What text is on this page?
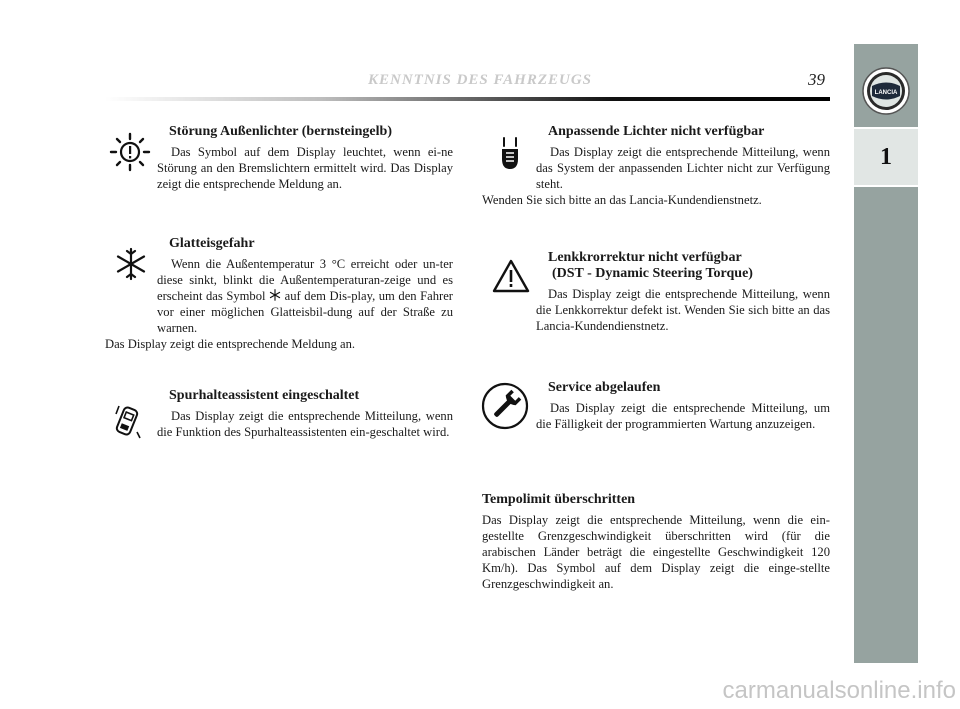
KENNTNIS DES FAHRZEUGS	39
1
LANCIA
Störung Außenlichter (bernsteingelb)

Das Symbol auf dem Display leuchtet, wenn ei-ne Störung an den Bremslichtern ermittelt wird. Das Display zeigt die entsprechende Meldung an.

Glatteisgefahr

Wenn die Außentemperatur 3 °C erreicht oder un-ter diese sinkt, blinkt die Außentemperaturan-zeige und es erscheint das Symbol auf dem Dis-play, um den Fahrer vor einer möglichen Glatteisbil-dung auf der Straße zu warnen.

Das Display zeigt die entsprechende Meldung an.

Spurhalteassistent eingeschaltet

Das Display zeigt die entsprechende Mitteilung, wenn die Funktion des Spurhalteassistenten ein-geschaltet wird.

Anpassende Lichter nicht verfügbar

Das Display zeigt die entsprechende Mitteilung, wenn das System der anpassenden Lichter nicht zur Verfügung steht.

Wenden Sie sich bitte an das Lancia-Kundendienstnetz.

Lenkkrorrektur nicht verfügbar
(DST - Dynamic Steering Torque)

Das Display zeigt die entsprechende Mitteilung, wenn die Lenkkorrektur defekt ist. Wenden Sie sich bitte an das Lancia-Kundendienstnetz.

Service abgelaufen

Das Display zeigt die entsprechende Mitteilung, um die Fälligkeit der programmierten Wartung anzuzeigen.

Tempolimit überschritten

Das Display zeigt die entsprechende Mitteilung, wenn die ein-gestellte Grenzgeschwindigkeit überschritten wird (für die arabischen Länder beträgt die eingestellte Geschwindigkeit 120 Km/h). Das Symbol auf dem Display zeigt die einge-stellte Grenzgeschwindigkeit an.

carmanualsonline.info
